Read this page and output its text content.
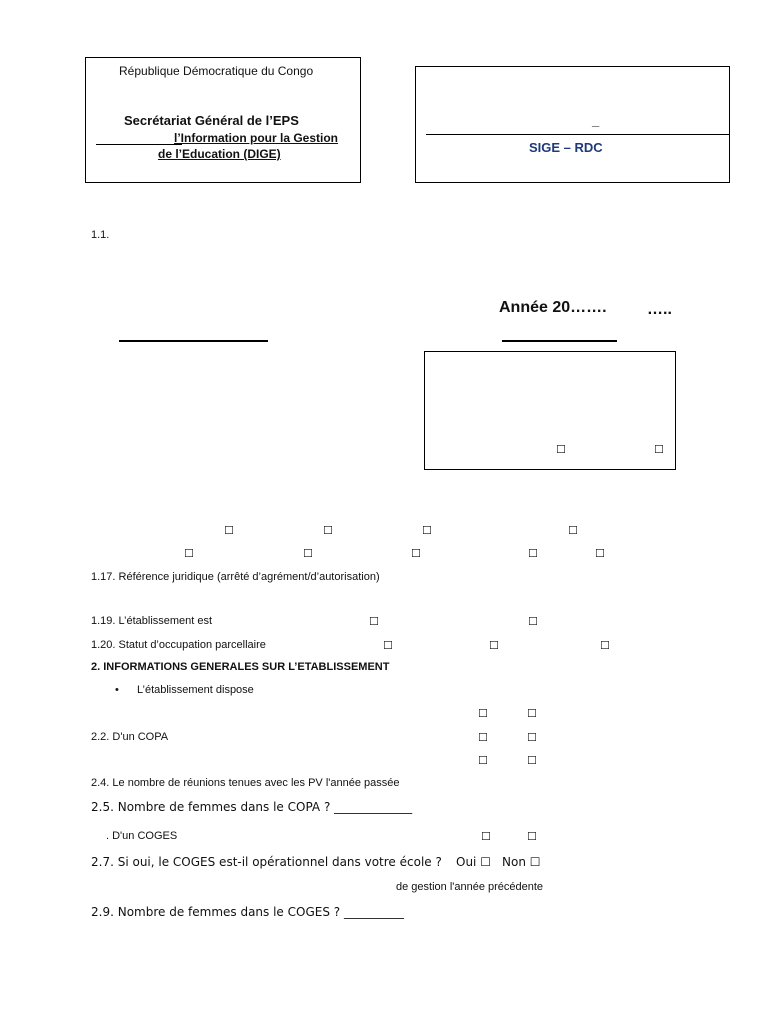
République Démocratique du Congo
Secrétariat Général de l’EPS
l’Information pour la Gestion
de l’Education (DIGE)
_
SIGE – RDC
1.1.
Année 20…….	…..
☐	☐
☐	☐	☐	☐
☐	☐	☐	☐	☐
1.17. Référence juridique (arrêté d’agrément/d’autorisation)
1.19. L’établissement est	☐	☐
1.20. Statut d’occupation parcellaire	☐	☐	☐
2. INFORMATIONS GENERALES SUR L’ETABLISSEMENT
• L’établissement dispose
☐	☐
2.2. D'un COPA	☐	☐
☐	☐
2.4. Le nombre de réunions tenues avec les PV l'année passée
2.5. Nombre de femmes dans le COPA ? _____________
. D'un COGES	☐	☐
2.7. Si oui, le COGES est-il opérationnel dans votre école ? Oui ☐ Non ☐
de gestion l'année précédente
2.9. Nombre de femmes dans le COGES ? __________
